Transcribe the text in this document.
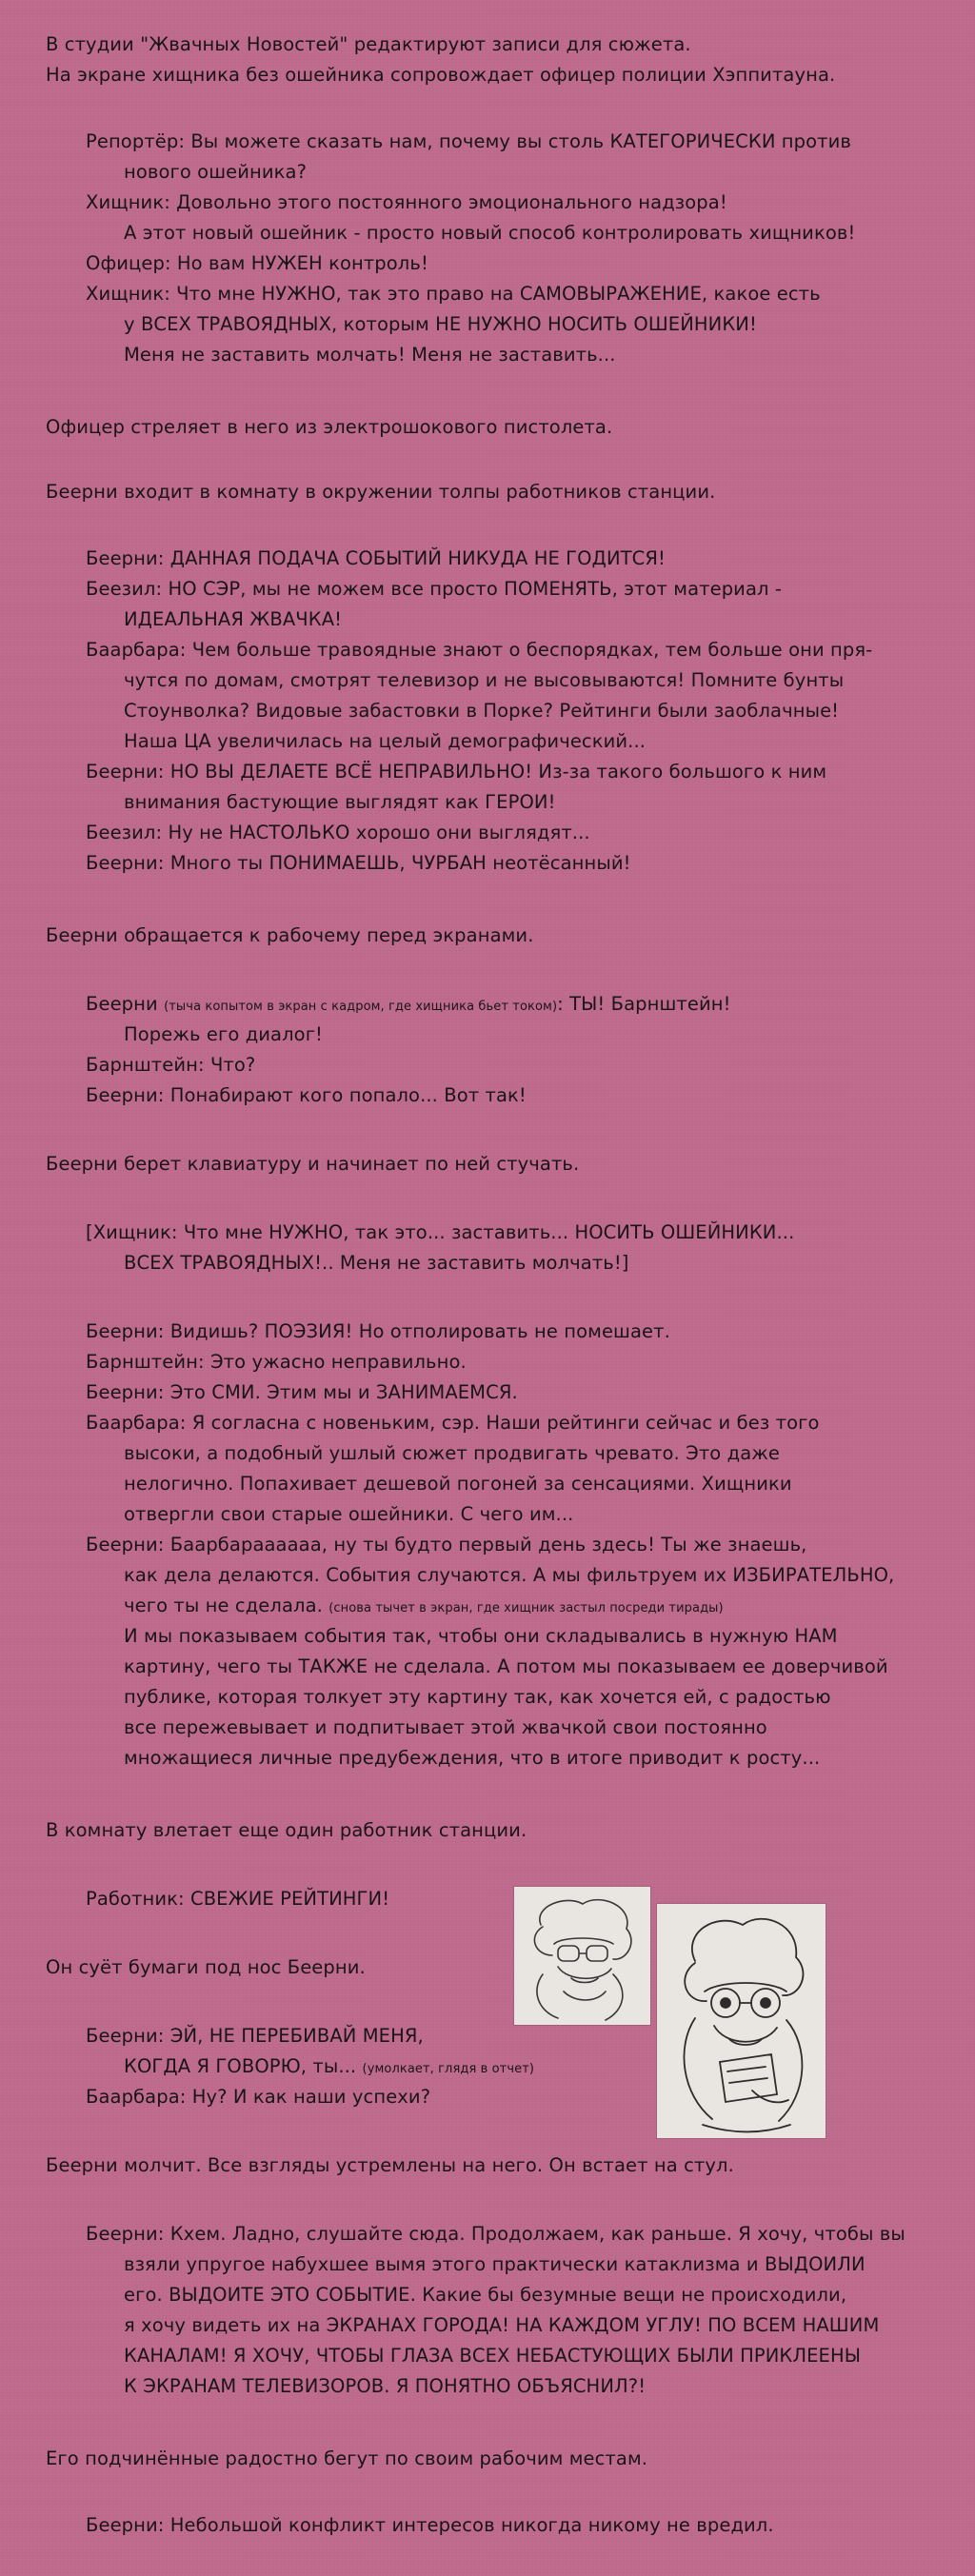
В студии "Жвачных Новостей" редактируют записи для сюжета.
На экране хищника без ошейника сопровождает офицер полиции Хэппитауна.
Репортёр: Вы можете сказать нам, почему вы столь КАТЕГОРИЧЕСКИ против
нового ошейника?
Хищник: Довольно этого постоянного эмоционального надзора!
А этот новый ошейник - просто новый способ контролировать хищников!
Офицер: Но вам НУЖЕН контроль!
Хищник: Что мне НУЖНО, так это право на САМОВЫРАЖЕНИЕ, какое есть
у ВСЕХ ТРАВОЯДНЫХ, которым НЕ НУЖНО НОСИТЬ ОШЕЙНИКИ!
Меня не заставить молчать! Меня не заставить...
Офицер стреляет в него из электрошокового пистолета.
Беерни входит в комнату в окружении толпы работников станции.
Беерни: ДАННАЯ ПОДАЧА СОБЫТИЙ НИКУДА НЕ ГОДИТСЯ!
Беезил: НО СЭР, мы не можем все просто ПОМЕНЯТЬ, этот материал -
ИДЕАЛЬНАЯ ЖВАЧКА!
Баарбара: Чем больше травоядные знают о беспорядках, тем больше они пря-
чутся по домам, смотрят телевизор и не высовываются! Помните бунты
Стоунволка? Видовые забастовки в Порке? Рейтинги были заоблачные!
Наша ЦА увеличилась на целый демографический...
Беерни: НО ВЫ ДЕЛАЕТЕ ВСЁ НЕПРАВИЛЬНО! Из-за такого большого к ним
внимания бастующие выглядят как ГЕРОИ!
Беезил: Ну не НАСТОЛЬКО хорошо они выглядят...
Беерни: Много ты ПОНИМАЕШЬ, ЧУРБАН неотёсанный!
Беерни обращается к рабочему перед экранами.
Беерни (тыча копытом в экран с кадром, где хищника бьет током): ТЫ! Барнштейн!
Порежь его диалог!
Барнштейн: Что?
Беерни: Понабирают кого попало... Вот так!
Беерни берет клавиатуру и начинает по ней стучать.
[Хищник: Что мне НУЖНО, так это... заставить... НОСИТЬ ОШЕЙНИКИ...
ВСЕХ ТРАВОЯДНЫХ!.. Меня не заставить молчать!]
Беерни: Видишь? ПОЭЗИЯ! Но отполировать не помешает.
Барнштейн: Это ужасно неправильно.
Беерни: Это СМИ. Этим мы и ЗАНИМАЕМСЯ.
Баарбара: Я согласна с новеньким, сэр. Наши рейтинги сейчас и без того
высоки, а подобный ушлый сюжет продвигать чревато. Это даже
нелогично. Попахивает дешевой погоней за сенсациями. Хищники
отвергли свои старые ошейники. С чего им...
Беерни: Баарбараааааа, ну ты будто первый день здесь! Ты же знаешь,
как дела делаются. События случаются. А мы фильтруем их ИЗБИРАТЕЛЬНО,
чего ты не сделала. (снова тычет в экран, где хищник застыл посреди тирады)
И мы показываем события так, чтобы они складывались в нужную НАМ
картину, чего ты ТАКЖЕ не сделала. А потом мы показываем ее доверчивой
публике, которая толкует эту картину так, как хочется ей, с радостью
все пережевывает и подпитывает этой жвачкой свои постоянно
множащиеся личные предубеждения, что в итоге приводит к росту...
В комнату влетает еще один работник станции.
Работник: СВЕЖИЕ РЕЙТИНГИ!
Он суёт бумаги под нос Беерни.
Беерни: ЭЙ, НЕ ПЕРЕБИВАЙ МЕНЯ,
КОГДА Я ГОВОРЮ, ты... (умолкает, глядя в отчет)
Баарбара: Ну? И как наши успехи?
Беерни молчит. Все взгляды устремлены на него. Он встает на стул.
Беерни: Кхем. Ладно, слушайте сюда. Продолжаем, как раньше. Я хочу, чтобы вы
взяли упругое набухшее вымя этого практически катаклизма и ВЫДОИЛИ
его. ВЫДОИТЕ ЭТО СОБЫТИЕ. Какие бы безумные вещи не происходили,
я хочу видеть их на ЭКРАНАХ ГОРОДА! НА КАЖДОМ УГЛУ! ПО ВСЕМ НАШИМ
КАНАЛАМ! Я ХОЧУ, ЧТОБЫ ГЛАЗА ВСЕХ НЕБАСТУЮЩИХ БЫЛИ ПРИКЛЕЕНЫ
К ЭКРАНАМ ТЕЛЕВИЗОРОВ. Я ПОНЯТНО ОБЪЯСНИЛ?!
Его подчинённые радостно бегут по своим рабочим местам.
Беерни: Небольшой конфликт интересов никогда никому не вредил.
